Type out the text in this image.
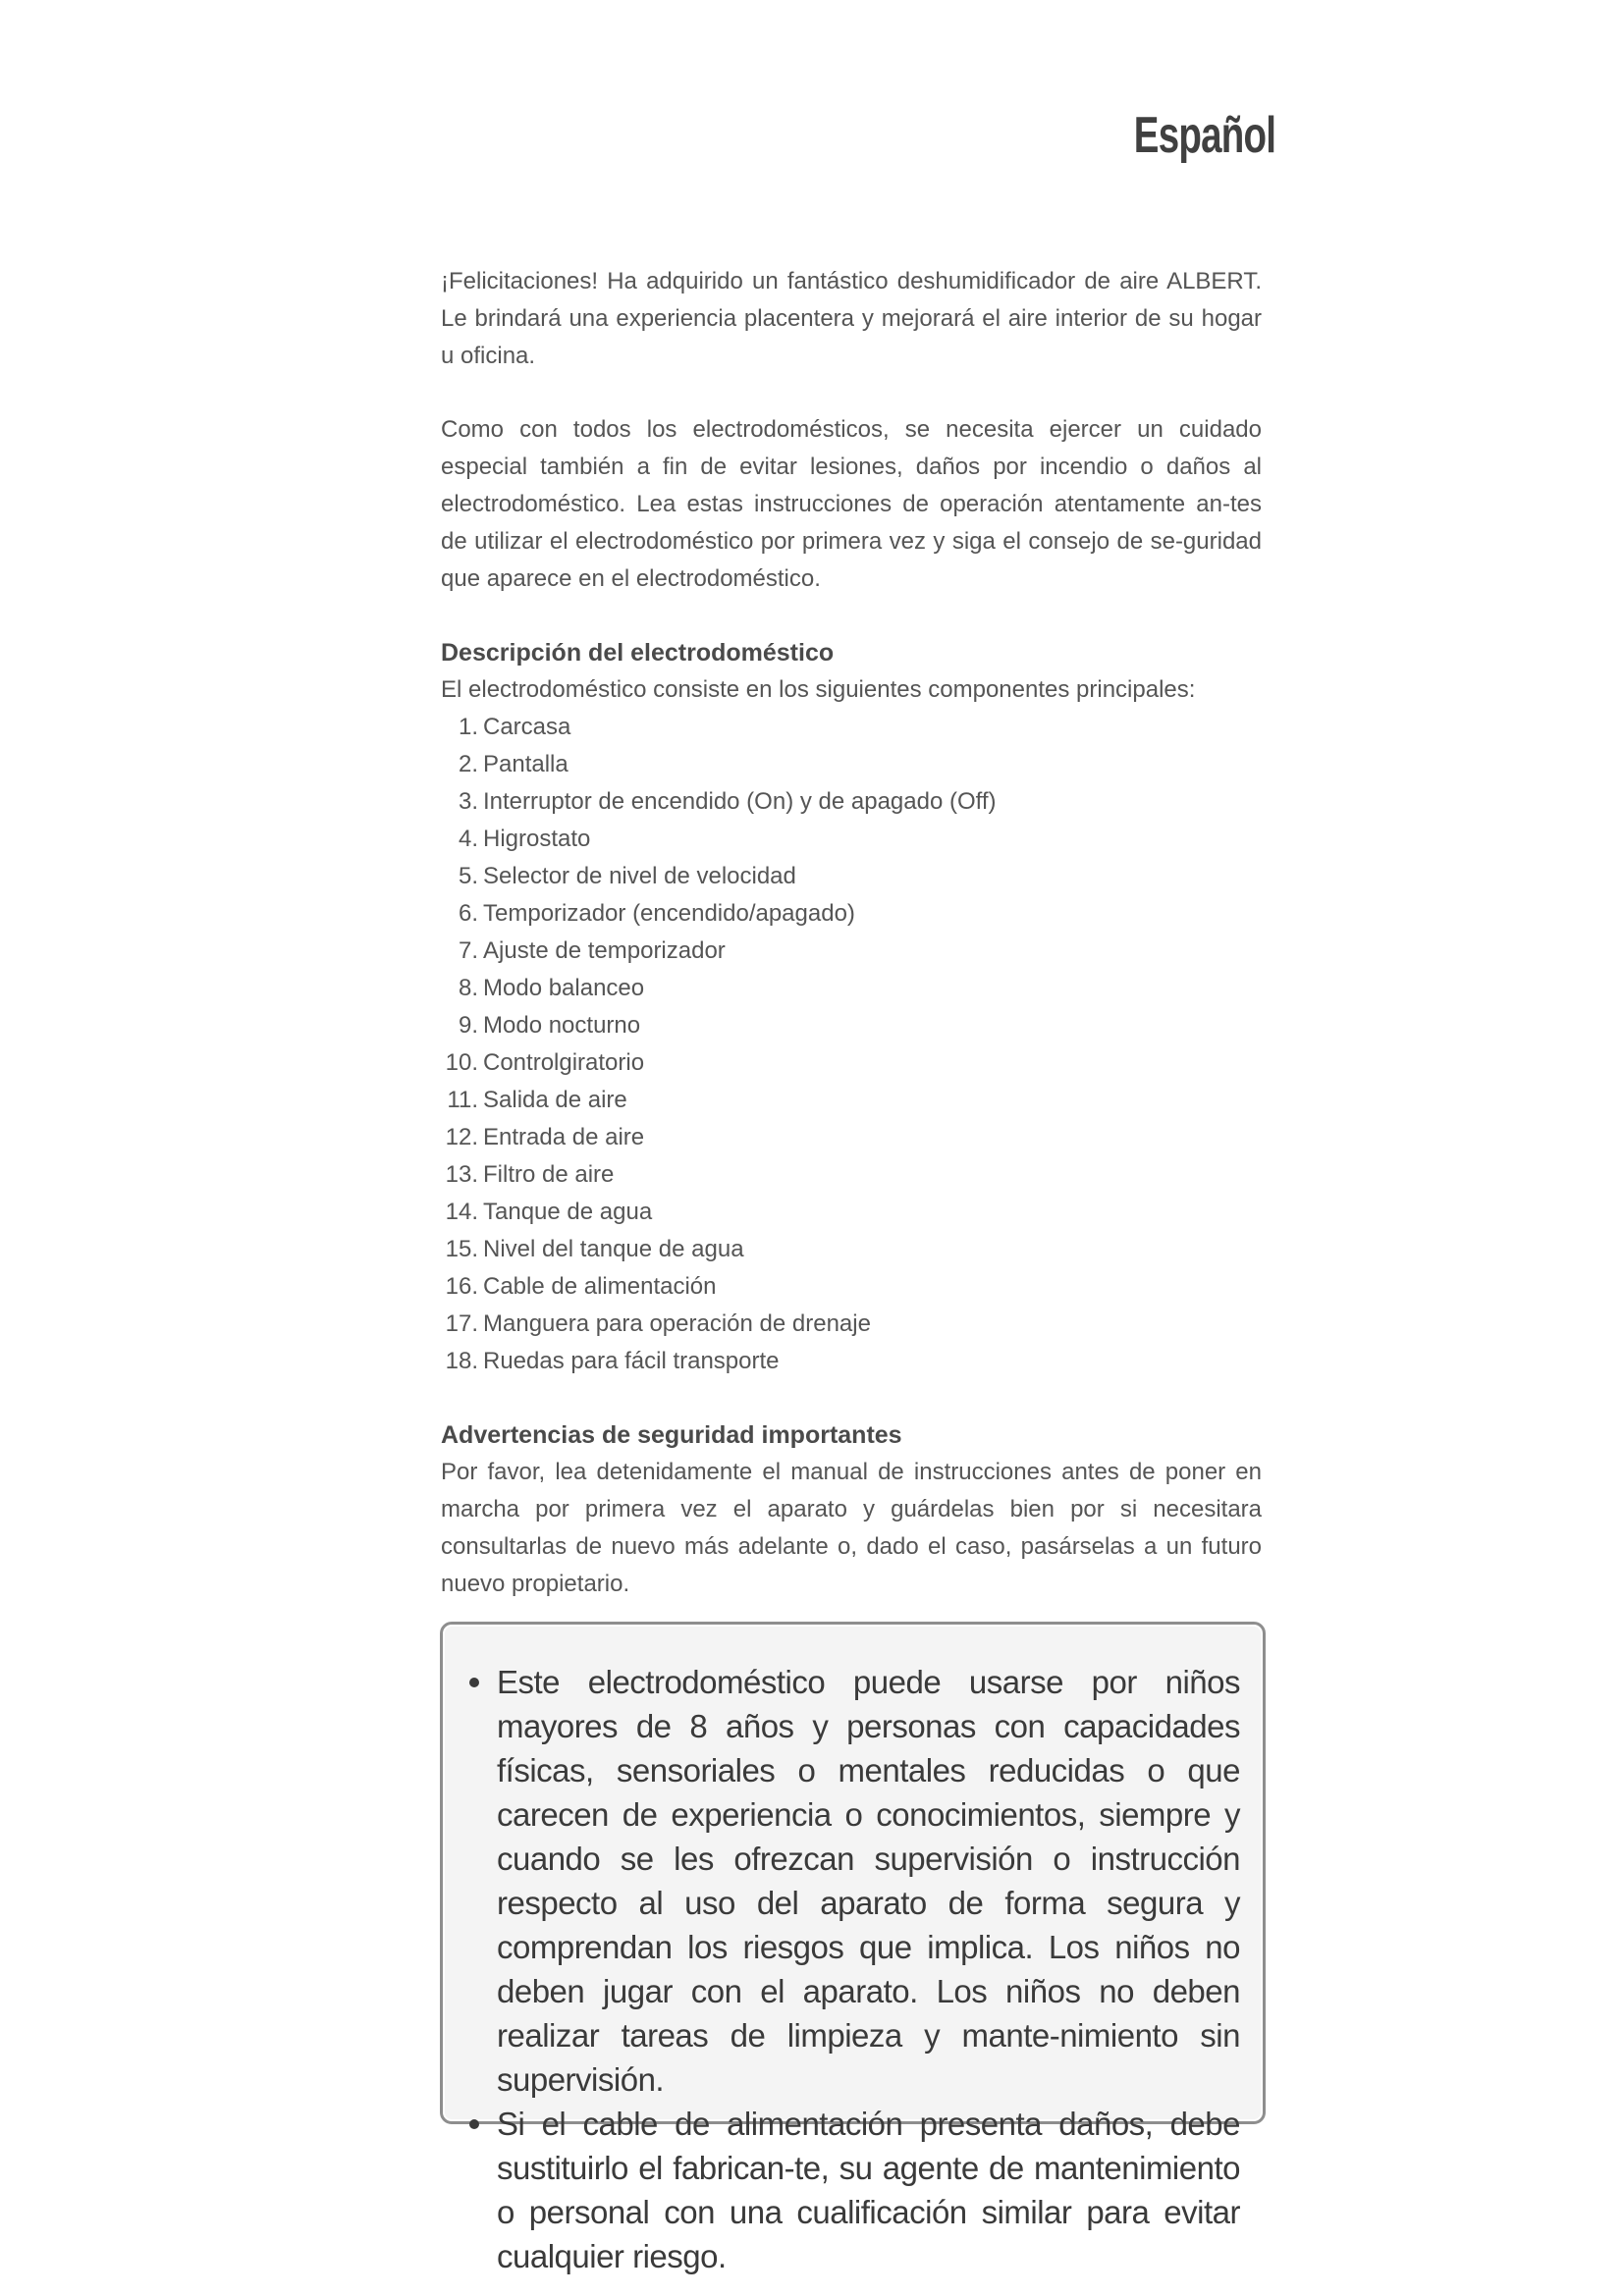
Español

¡Felicitaciones! Ha adquirido un fantástico deshumidificador de aire ALBERT. Le brindará una experiencia placentera y mejorará el aire interior de su hogar u oficina.

Como con todos los electrodomésticos, se necesita ejercer un cuidado especial también a fin de evitar lesiones, daños por incendio o daños al electrodoméstico. Lea estas instrucciones de operación atentamente an-tes de utilizar el electrodoméstico por primera vez y siga el consejo de se-guridad que aparece en el electrodoméstico.

Descripción del electrodoméstico

El electrodoméstico consiste en los siguientes componentes principales:

1. Carcasa
2. Pantalla
3. Interruptor de encendido (On) y de apagado (Off)
4. Higrostato
5. Selector de nivel de velocidad
6. Temporizador (encendido/apagado)
7. Ajuste de temporizador
8. Modo balanceo
9. Modo nocturno
10. Controlgiratorio
11. Salida de aire
12. Entrada de aire
13. Filtro de aire
14. Tanque de agua
15. Nivel del tanque de agua
16. Cable de alimentación
17. Manguera para operación de drenaje
18. Ruedas para fácil transporte
Advertencias de seguridad importantes

Por favor, lea detenidamente el manual de instrucciones antes de poner en marcha por primera vez el aparato y guárdelas bien por si necesitara consultarlas de nuevo más adelante o, dado el caso, pasárselas a un futuro nuevo propietario.

Este electrodoméstico puede usarse por niños mayores de 8 años y personas con capacidades físicas, sensoriales o mentales reducidas o que carecen de experiencia o conocimientos, siempre y cuando se les ofrezcan supervisión o instrucción respecto al uso del aparato de forma segura y comprendan los riesgos que implica. Los niños no deben jugar con el aparato. Los niños no deben realizar tareas de limpieza y mante-nimiento sin supervisión.
Si el cable de alimentación presenta daños, debe sustituirlo el fabrican-te, su agente de mantenimiento o personal con una cualificación similar para evitar cualquier riesgo.
